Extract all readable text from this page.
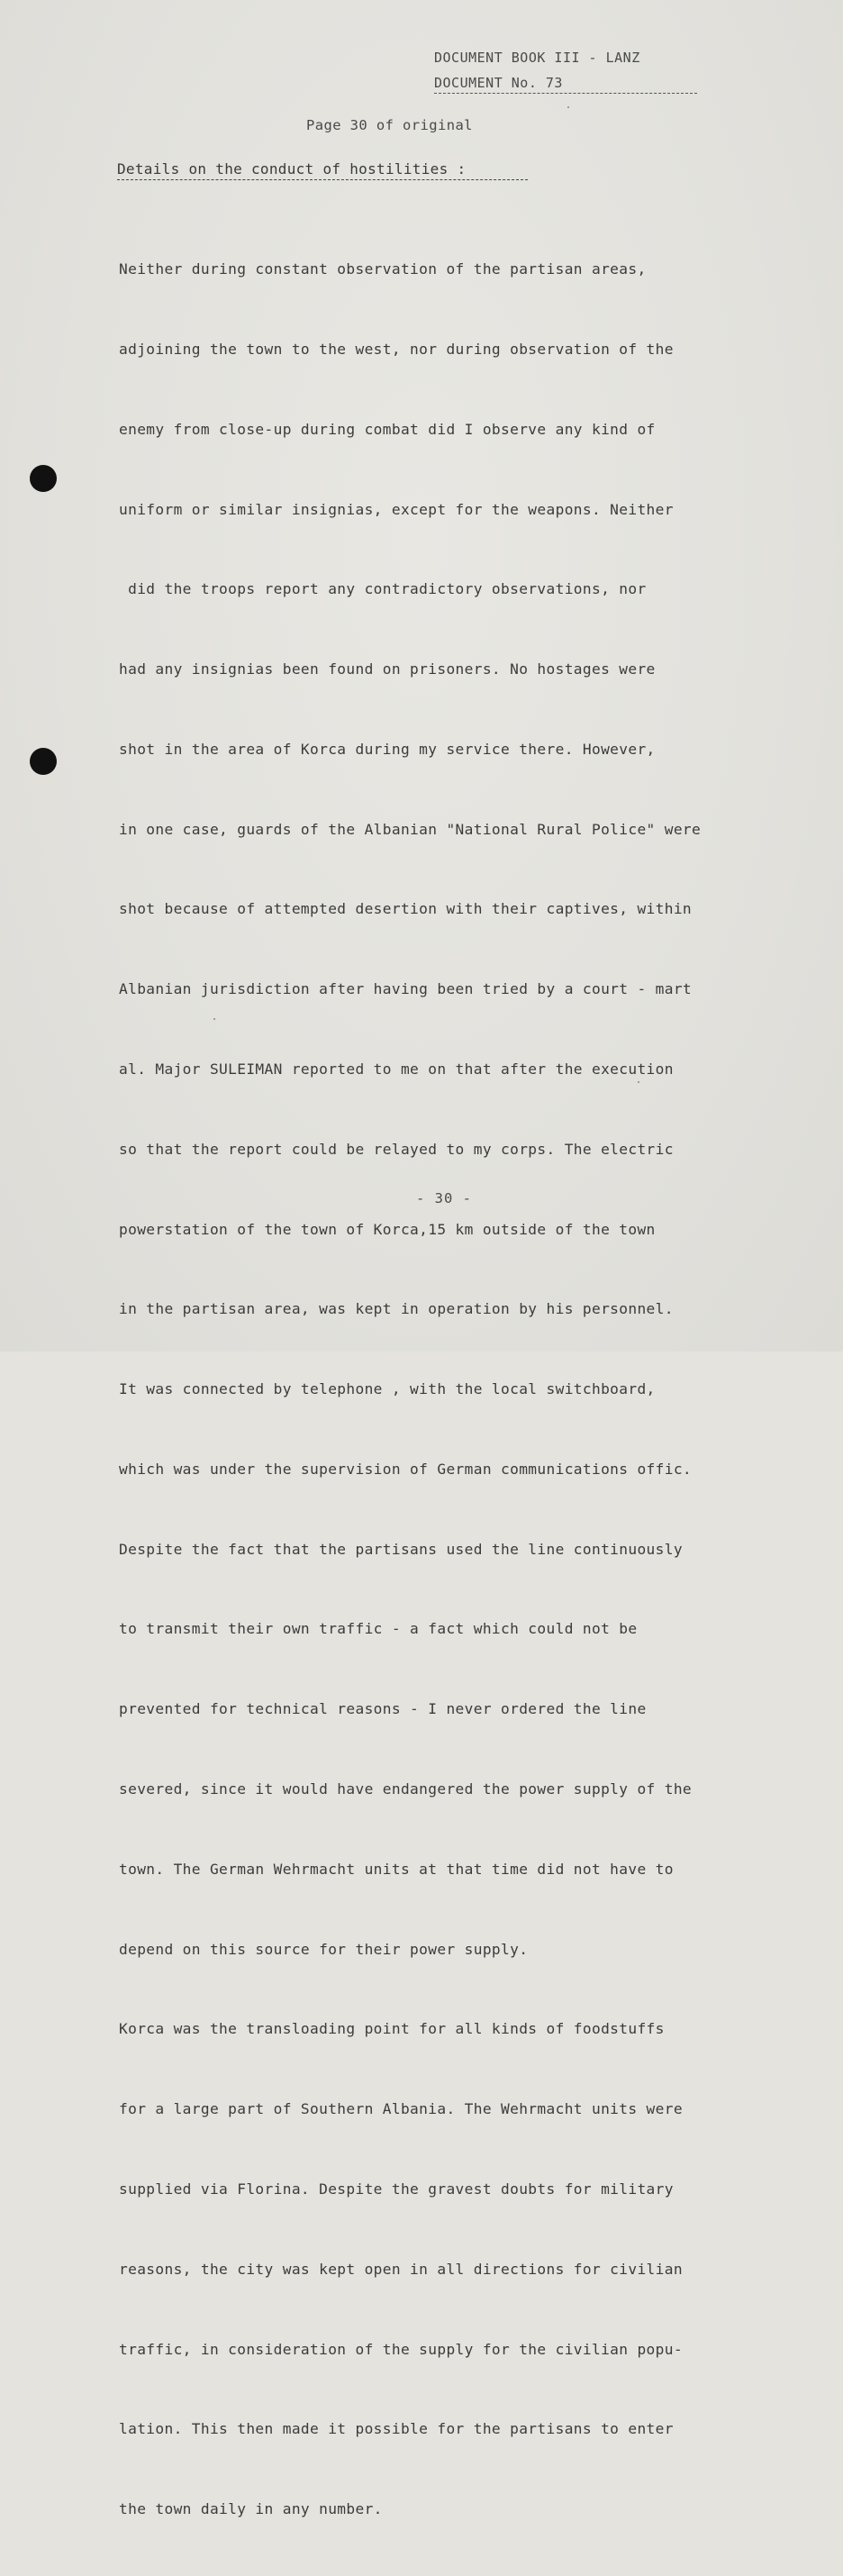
DOCUMENT BOOK III - LANZ
DOCUMENT No. 73
Page 30 of original
Details on the conduct of hostilities :

Neither during constant observation of the partisan areas,

adjoining the town to the west, nor during observation of the

enemy from close-up during combat did I observe any kind of

uniform or similar insignias, except for the weapons. Neither

did the troops report any contradictory observations, nor

had any insignias been found on prisoners. No hostages were

shot in the area of Korca during my service there. However,

in one case, guards of the Albanian "National Rural Police" were

shot because of attempted desertion with their captives, within

Albanian jurisdiction after having been tried by a court - mart

al. Major SULEIMAN reported to me on that after the execution

so that the report could be relayed to my corps. The electric

powerstation of the town of Korca,15 km outside of the town

in the partisan area, was kept in operation by his personnel.

It was connected by telephone , with the local switchboard,

which was under the supervision of German communications offic.

Despite the fact that the partisans used the line continuously

to transmit their own traffic - a fact which could not be

prevented for technical reasons - I never ordered the line

severed, since it would have endangered the power supply of the

town. The German Wehrmacht units at that time did not have to

depend on this source for their power supply.

Korca was the transloading point for all kinds of foodstuffs

for a large part of Southern Albania. The Wehrmacht units were

supplied via Florina. Despite the gravest doubts for military

reasons, the city was kept open in all directions for civilian

traffic, in consideration of the supply for the civilian popu-

lation. This then made it possible for the partisans to enter

the town daily in any number.

- 30 -
